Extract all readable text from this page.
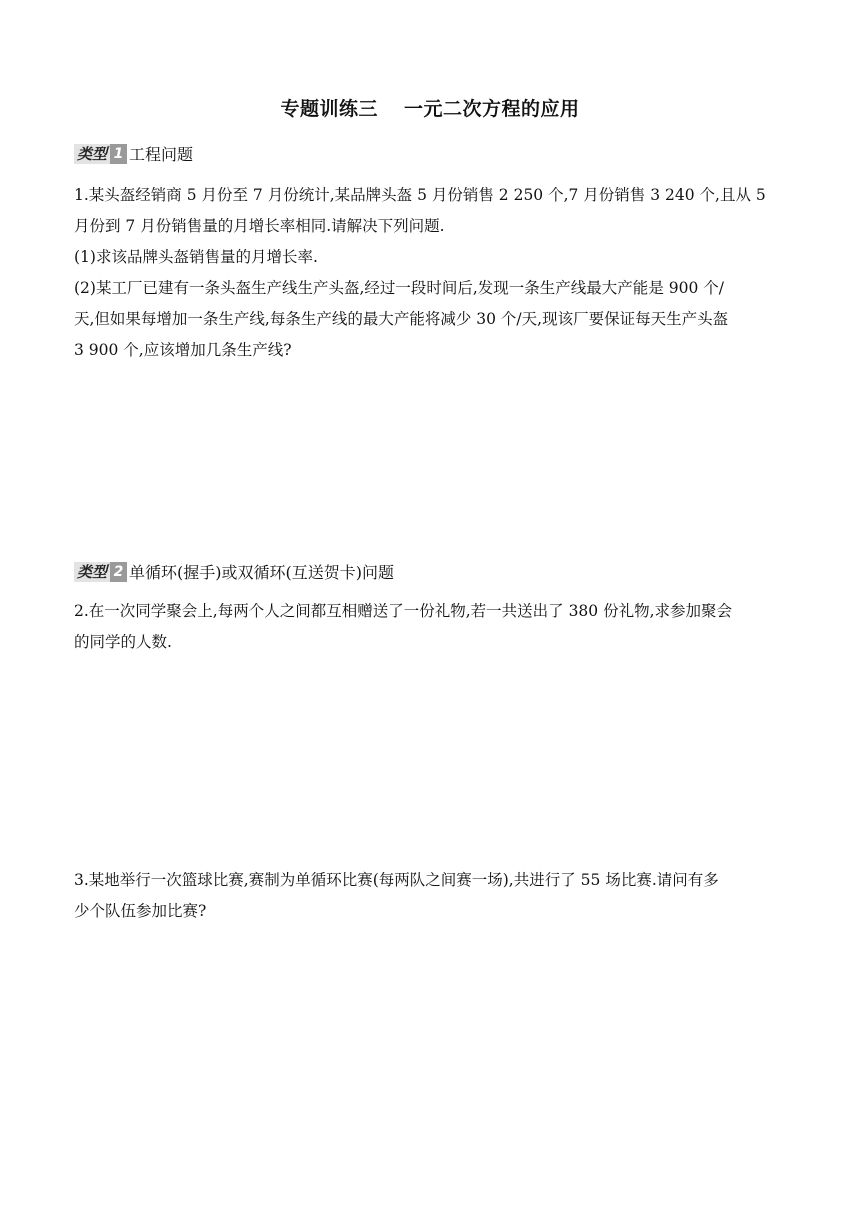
专题训练三 一元二次方程的应用
类型 1 工程问题
1.某头盔经销商 5 月份至 7 月份统计,某品牌头盔 5 月份销售 2 250 个,7 月份销售 3 240 个,且从 5
月份到 7 月份销售量的月增长率相同.请解决下列问题.
(1)求该品牌头盔销售量的月增长率.
(2)某工厂已建有一条头盔生产线生产头盔,经过一段时间后,发现一条生产线最大产能是 900 个/
天,但如果每增加一条生产线,每条生产线的最大产能将减少 30 个/天,现该厂要保证每天生产头盔
3 900 个,应该增加几条生产线?
类型 2 单循环(握手)或双循环(互送贺卡)问题
2.在一次同学聚会上,每两个人之间都互相赠送了一份礼物,若一共送出了 380 份礼物,求参加聚会
的同学的人数.
3.某地举行一次篮球比赛,赛制为单循环比赛(每两队之间赛一场),共进行了 55 场比赛.请问有多
少个队伍参加比赛?
